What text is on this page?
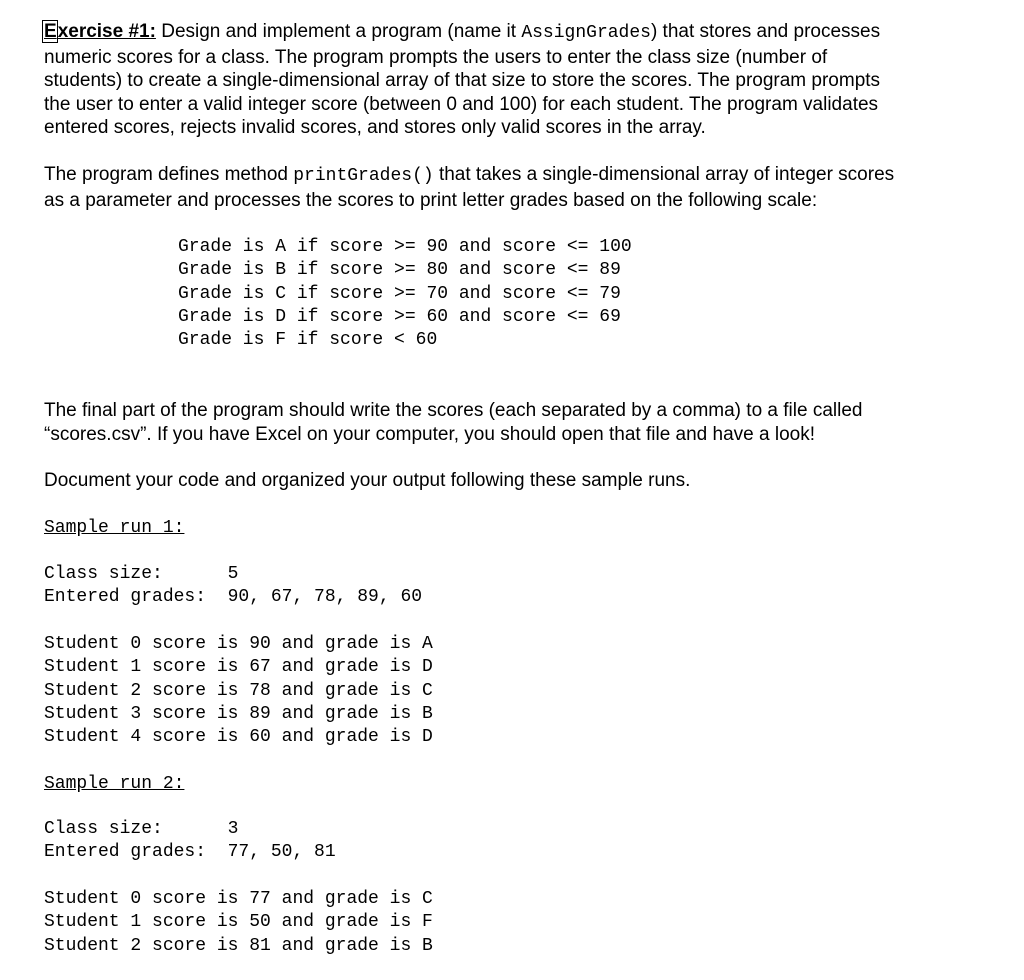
Exercise #1: Design and implement a program (name it AssignGrades) that stores and processes

numeric scores for a class. The program prompts the users to enter the class size (number of

students) to create a single-dimensional array of that size to store the scores. The program prompts

the user to enter a valid integer score (between 0 and 100) for each student. The program validates

entered scores, rejects invalid scores, and stores only valid scores in the array.

The program defines method printGrades() that takes a single-dimensional array of integer scores

as a parameter and processes the scores to print letter grades based on the following scale:

Grade is A if score >= 90 and score <= 100

Grade is B if score >= 80 and score <= 89

Grade is C if score >= 70 and score <= 79

Grade is D if score >= 60 and score <= 69

Grade is F if score < 60

The final part of the program should write the scores (each separated by a comma) to a file called

“scores.csv”. If you have Excel on your computer, you should open that file and have a look!

Document your code and organized your output following these sample runs.

Sample run 1:

Class size:      5

Entered grades:  90, 67, 78, 89, 60

Student 0 score is 90 and grade is A

Student 1 score is 67 and grade is D

Student 2 score is 78 and grade is C

Student 3 score is 89 and grade is B

Student 4 score is 60 and grade is D

Sample run 2:

Class size:      3

Entered grades:  77, 50, 81

Student 0 score is 77 and grade is C

Student 1 score is 50 and grade is F

Student 2 score is 81 and grade is B
